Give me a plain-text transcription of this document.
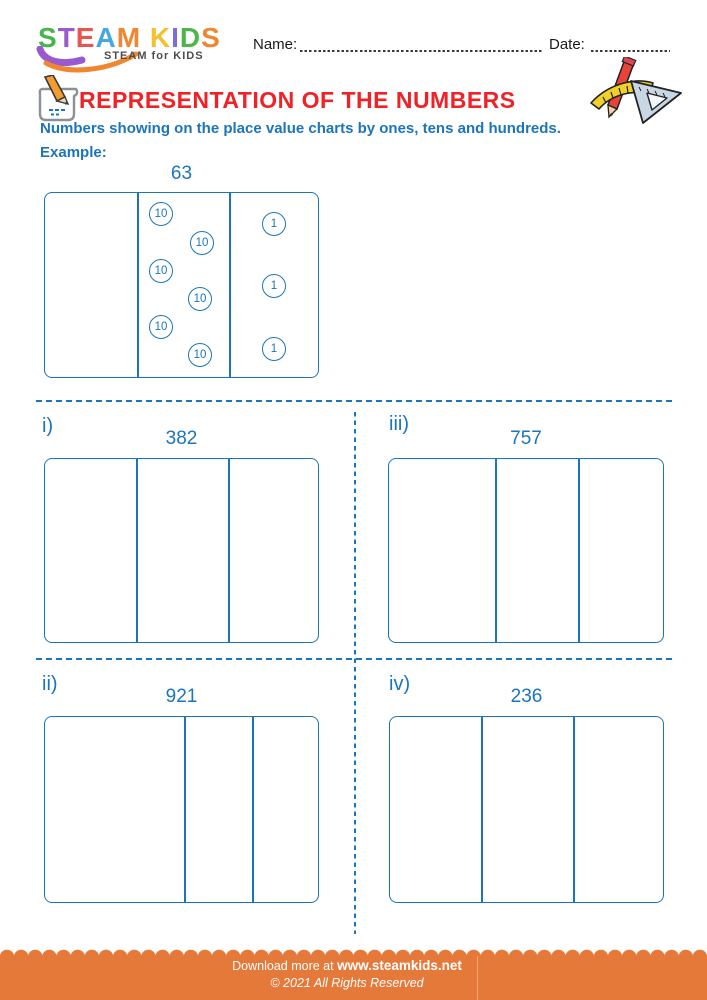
STEAM KIDS
STEAM for KIDS
Name:	Date:
REPRESENTATION OF THE NUMBERS
Numbers showing on the place value charts by ones, tens and hundreds.
Example:
63
10
10
10
10
10
10
1
1
1
i)
382
iii)
757
ii)
921
iv)
236
Download more at www.steamkids.net
© 2021 All Rights Reserved
